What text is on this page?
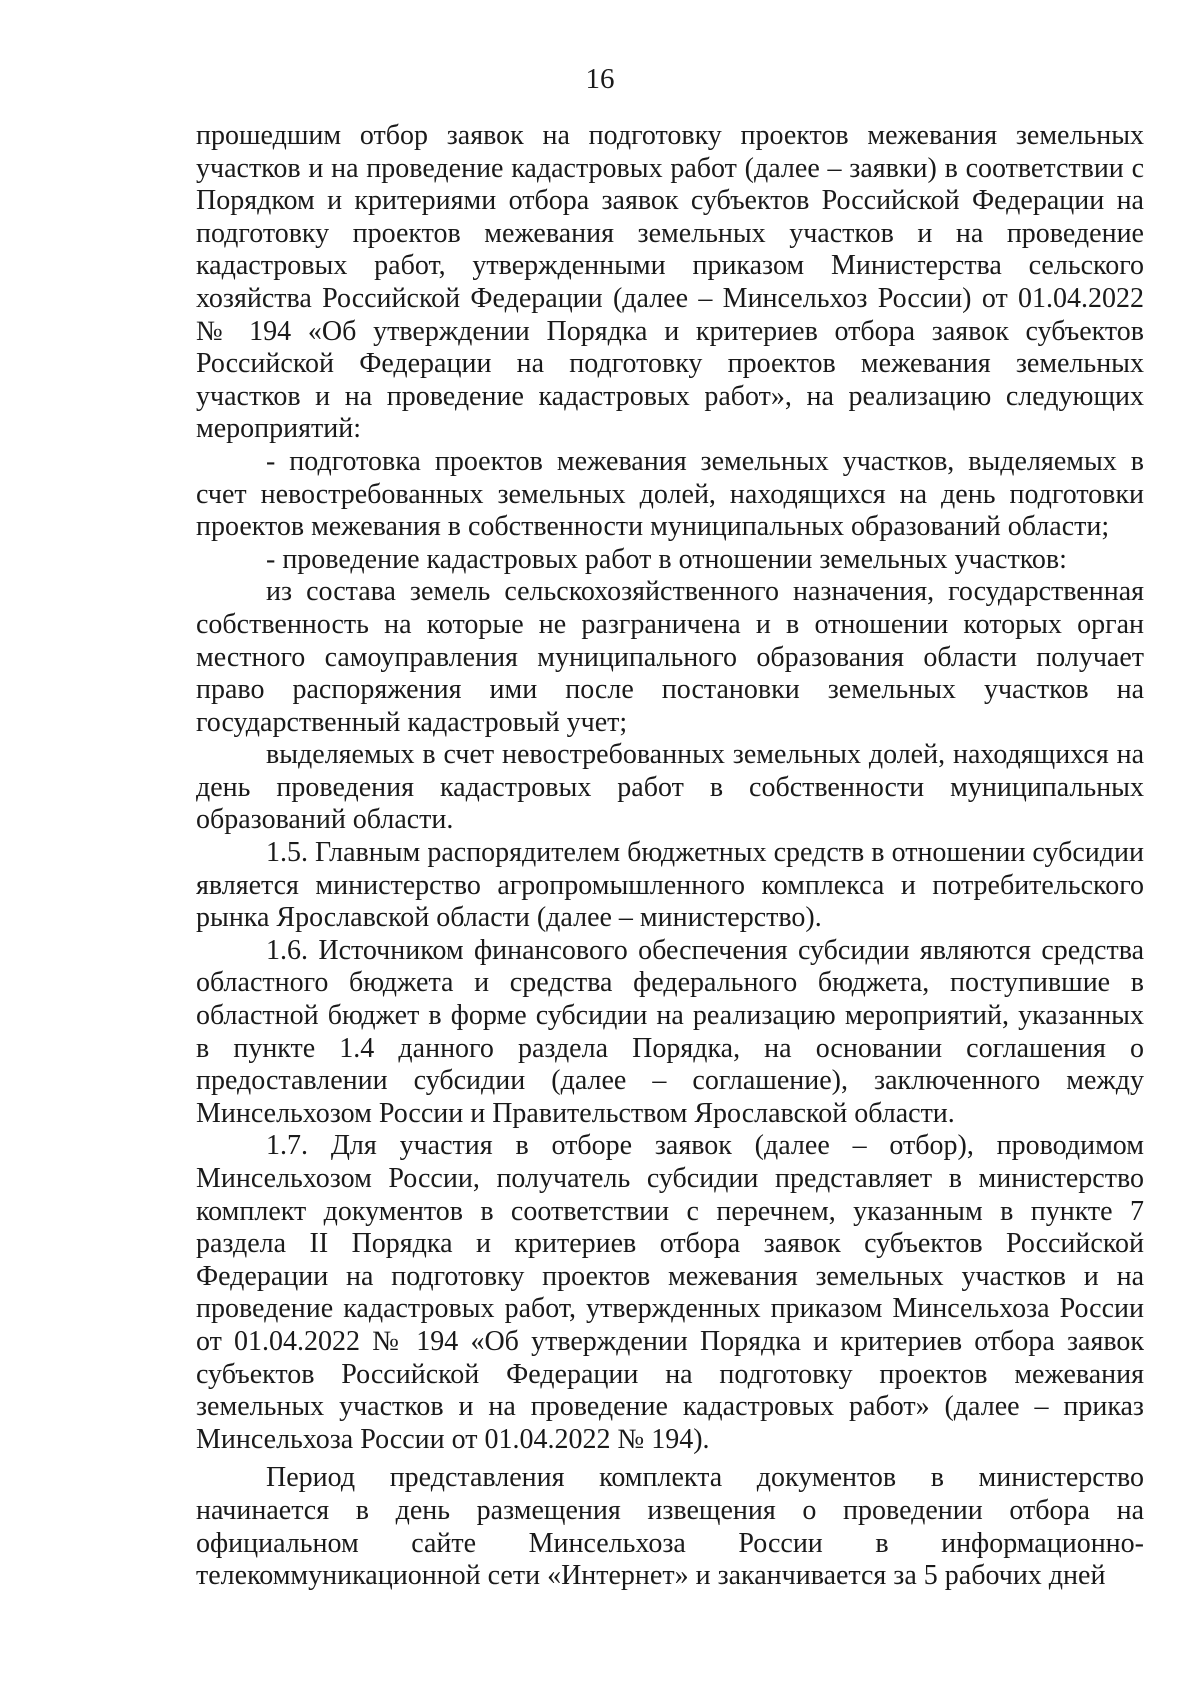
16

прошедшим отбор заявок на подготовку проектов межевания земельных участков и на проведение кадастровых работ (далее – заявки) в соответствии с Порядком и критериями отбора заявок субъектов Российской Федерации на подготовку проектов межевания земельных участков и на проведение кадастровых работ, утвержденными приказом Министерства сельского хозяйства Российской Федерации (далее – Минсельхоз России) от 01.04.2022 № 194 «Об утверждении Порядка и критериев отбора заявок субъектов Российской Федерации на подготовку проектов межевания земельных участков и на проведение кадастровых работ», на реализацию следующих мероприятий:

- подготовка проектов межевания земельных участков, выделяемых в счет невостребованных земельных долей, находящихся на день подготовки проектов межевания в собственности муниципальных образований области;

- проведение кадастровых работ в отношении земельных участков:

из состава земель сельскохозяйственного назначения, государственная собственность на которые не разграничена и в отношении которых орган местного самоуправления муниципального образования области получает право распоряжения ими после постановки земельных участков на государственный кадастровый учет;

выделяемых в счет невостребованных земельных долей, находящихся на день проведения кадастровых работ в собственности муниципальных образований области.

1.5. Главным распорядителем бюджетных средств в отношении субсидии является министерство агропромышленного комплекса и потребительского рынка Ярославской области (далее – министерство).

1.6. Источником финансового обеспечения субсидии являются средства областного бюджета и средства федерального бюджета, поступившие в областной бюджет в форме субсидии на реализацию мероприятий, указанных в пункте 1.4 данного раздела Порядка, на основании соглашения о предоставлении субсидии (далее – соглашение), заключенного между Минсельхозом России и Правительством Ярославской области.

1.7. Для участия в отборе заявок (далее – отбор), проводимом Минсельхозом России, получатель субсидии представляет в министерство комплект документов в соответствии с перечнем, указанным в пункте 7 раздела II Порядка и критериев отбора заявок субъектов Российской Федерации на подготовку проектов межевания земельных участков и на проведение кадастровых работ, утвержденных приказом Минсельхоза России от 01.04.2022 № 194 «Об утверждении Порядка и критериев отбора заявок субъектов Российской Федерации на подготовку проектов межевания земельных участков и на проведение кадастровых работ» (далее – приказ Минсельхоза России от 01.04.2022 № 194).

Период представления комплекта документов в министерство начинается в день размещения извещения о проведении отбора на официальном сайте Минсельхоза России в информационно-телекоммуникационной сети «Интернет» и заканчивается за 5 рабочих дней
